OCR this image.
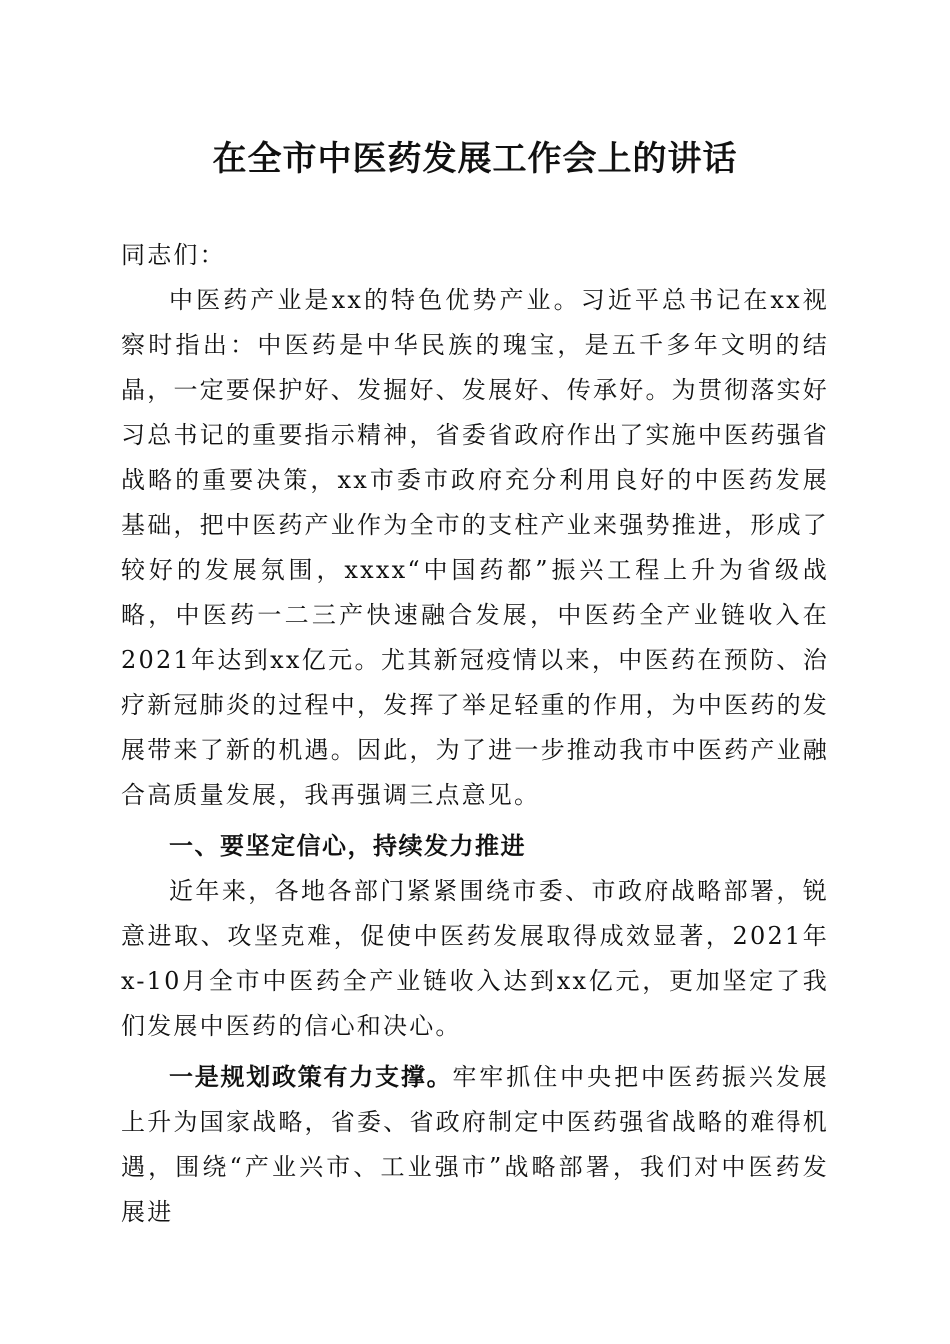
在全市中医药发展工作会上的讲话

同志们：

中医药产业是xx的特色优势产业。习近平总书记在xx视察时指出：中医药是中华民族的瑰宝，是五千多年文明的结晶，一定要保护好、发掘好、发展好、传承好。为贯彻落实好习总书记的重要指示精神，省委省政府作出了实施中医药强省战略的重要决策，xx市委市政府充分利用良好的中医药发展基础，把中医药产业作为全市的支柱产业来强势推进，形成了较好的发展氛围，xxxx“中国药都”振兴工程上升为省级战略，中医药一二三产快速融合发展，中医药全产业链收入在2021年达到xx亿元。尤其新冠疫情以来，中医药在预防、治疗新冠肺炎的过程中，发挥了举足轻重的作用，为中医药的发展带来了新的机遇。因此，为了进一步推动我市中医药产业融合高质量发展，我再强调三点意见。

一、要坚定信心，持续发力推进

近年来，各地各部门紧紧围绕市委、市政府战略部署，锐意进取、攻坚克难，促使中医药发展取得成效显著，2021年x-10月全市中医药全产业链收入达到xx亿元，更加坚定了我们发展中医药的信心和决心。

一是规划政策有力支撑。牢牢抓住中央把中医药振兴发展上升为国家战略，省委、省政府制定中医药强省战略的难得机遇，围绕“产业兴市、工业强市”战略部署，我们对中医药发展进
